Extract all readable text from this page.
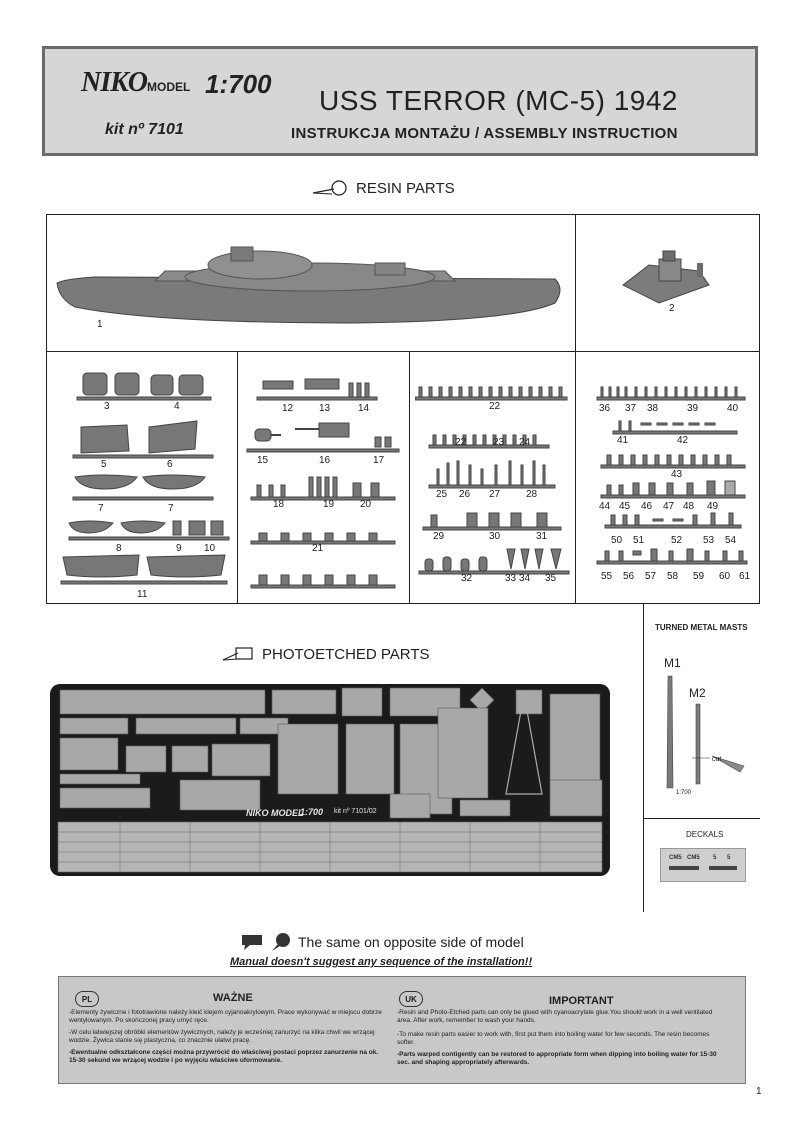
NIKOMODEL 1:700
kit nº 7101
USS TERROR (MC-5) 1942
INSTRUKCJA MONTAŻU / ASSEMBLY INSTRUCTION
RESIN PARTS
1
2
3	4
5	6
7	7
8	9 10
11
12	13	14
15	16	17
18	19	20
21
22
22	23 24
25 26 27	28
29	30	31
32	33 34 35
36 37 38	39	40
41	42
43
44 45 46 47 48 49
50 51	52 53 54
55 56 57 58 59 60 61
PHOTOETCHED PARTS
NIKO MODEL
1:700 kit nº 7101/02
TURNED METAL MASTS
M1
M2
cut
1:700
DECKALS
CM5 CM5 5 5
The same on opposite side of model
Manual doesn't suggest any sequence of the installation!!
PL	WAŻNE
-Elementy żywiczne i fototrawione należy kleić klejem cyjanoakrylowym. Prace wykonywać w miejscu dobrze wentylowanym. Po skończonej pracy umyć ręce.
-W celu łatwiejszej obróbki elementów żywicznych, należy je wcześniej zanurzyć na kilka chwil we wrzącej wodzie. Żywica stanie się plastyczna, co znacznie ułatwi pracę.
-Ewentualne odkształcone części można przywrócić do właściwej postaci poprzez zanurzenie na ok. 15-30 sekund we wrzącej wodzie i po wyjęciu właściwe uformowanie.
UK	IMPORTANT
-Resin and Photo-Etched parts can only be glued with cyanoacrylate glue.You should work in a well ventilated area. After work, remember to wash your hands.
-To make resin parts easier to work with, first put them into boiling water for few seconds. The resin becomes softer.
-Parts warped contigently can be restored to appropriate form when dipping into boiling water for 15-30 sec. and shaping appropriately afterwards.
1
